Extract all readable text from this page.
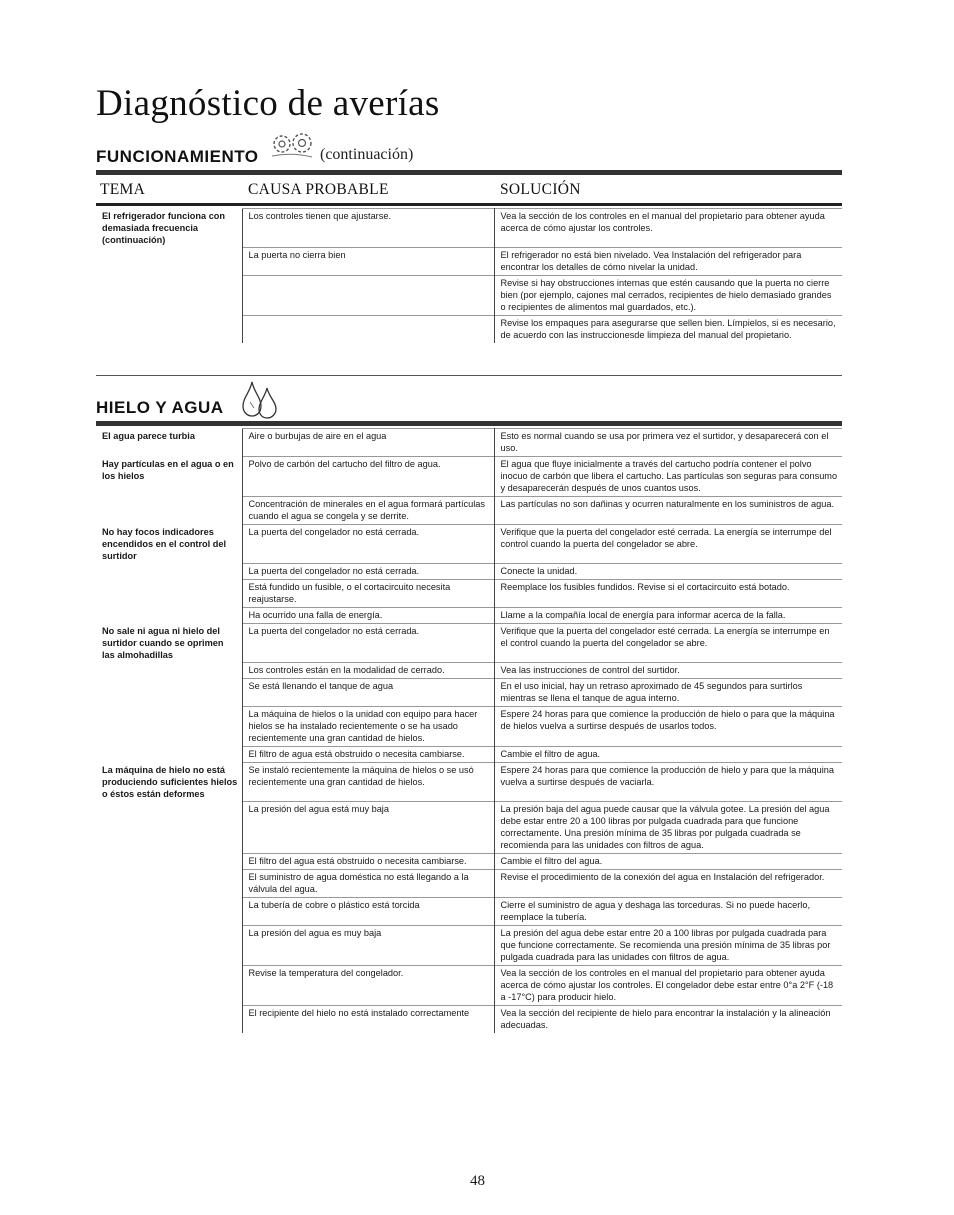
Diagnóstico de averías
FUNCIONAMIENTO	(continuación)
TEMA	CAUSA PROBABLE	SOLUCIÓN
El refrigerador funciona con demasiada frecuencia (continuación)	Los controles tienen que ajustarse.	Vea la sección de los controles en el manual del propietario para obtener ayuda acerca de cómo ajustar los controles.
	La puerta no cierra bien	El refrigerador no está bien nivelado. Vea Instalación del refrigerador para encontrar los detalles de cómo nivelar la unidad.
		Revise si hay obstrucciones internas que estén causando que la puerta no cierre bien (por ejemplo, cajones mal cerrados, recipientes de hielo demasiado grandes o recipientes de alimentos mal guardados, etc.).
		Revise los empaques para asegurarse que sellen bien. Límpielos, si es necesario, de acuerdo con las instruccionesde limpieza del manual del propietario.
HIELO Y AGUA
El agua parece turbia	Aire o burbujas de aire en el agua	Esto es normal cuando se usa por primera vez el surtidor, y desaparecerá con el uso.
Hay partículas en el agua o en los hielos	Polvo de carbón del cartucho del filtro de agua.	El agua que fluye inicialmente a través del cartucho podría contener el polvo inocuo de carbón que libera el cartucho. Las partículas son seguras para consumo y desaparecerán después de unos cuantos usos.
	Concentración de minerales en el agua formará partículas cuando el agua se congela y se derrite.	Las partículas no son dañinas y ocurren naturalmente en los suministros de agua.
No hay focos indicadores encendidos en el control del surtidor	La puerta del congelador no está cerrada.	Verifique que la puerta del congelador esté cerrada. La energía se interrumpe del control cuando la puerta del congelador se abre.
	La puerta del congelador no está cerrada.	Conecte la unidad.
	Está fundido un fusible, o el cortacircuito necesita reajustarse.	Reemplace los fusibles fundidos. Revise si el cortacircuito está botado.
	Ha ocurrido una falla de energía.	Llame a la compañía local de energía para informar acerca de la falla.
No sale ni agua ni hielo del surtidor cuando se oprimen las almohadillas	La puerta del congelador no está cerrada.	Verifique que la puerta del congelador esté cerrada. La energía se interrumpe en el control cuando la puerta del congelador se abre.
	Los controles están en la modalidad de cerrado.	Vea las instrucciones de control del surtidor.
	Se está llenando el tanque de agua	En el uso inicial, hay un retraso aproximado de 45 segundos para surtirlos mientras se llena el tanque de agua interno.
	La máquina de hielos o la unidad con equipo para hacer hielos se ha instalado recientemente o se ha usado recientemente una gran cantidad de hielos.	Espere 24 horas para que comience la producción de hielo o para que la máquina de hielos vuelva a surtirse después de usarlos todos.
	El filtro de agua está obstruido o necesita cambiarse.	Cambie el filtro de agua.
La máquina de hielo no está produciendo suficientes hielos o éstos están deformes	Se instaló recientemente la máquina de hielos o se usó recientemente una gran cantidad de hielos.	Espere 24 horas para que comience la producción de hielo y para que la máquina vuelva a surtirse después de vaciarla.
	La presión del agua está muy baja	La presión baja del agua puede causar que la válvula gotee. La presión del agua debe estar entre 20 a 100 libras por pulgada cuadrada para que funcione correctamente. Una presión mínima de 35 libras por pulgada cuadrada se recomienda para las unidades con filtros de agua.
	El filtro del agua está obstruido o necesita cambiarse.	Cambie el filtro del agua.
	El suministro de agua doméstica no está llegando a la válvula del agua.	Revise el procedimiento de la conexión del agua en Instalación del refrigerador.
	La tubería de cobre o plástico está torcida	Cierre el suministro de agua y deshaga las torceduras. Si no puede hacerlo, reemplace la tubería.
	La presión del agua es muy baja	La presión del agua debe estar entre 20 a 100 libras por pulgada cuadrada para que funcione correctamente. Se recomienda una presión mínima de 35 libras por pulgada cuadrada para las unidades con filtros de agua.
	Revise la temperatura del congelador.	Vea la sección de los controles en el manual del propietario para obtener ayuda acerca de cómo ajustar los controles. El congelador debe estar entre 0°a 2°F (-18 a -17°C) para producir hielo.
	El recipiente del hielo no está instalado correctamente	Vea la sección del recipiente de hielo para encontrar la instalación y la alineación adecuadas.
48
